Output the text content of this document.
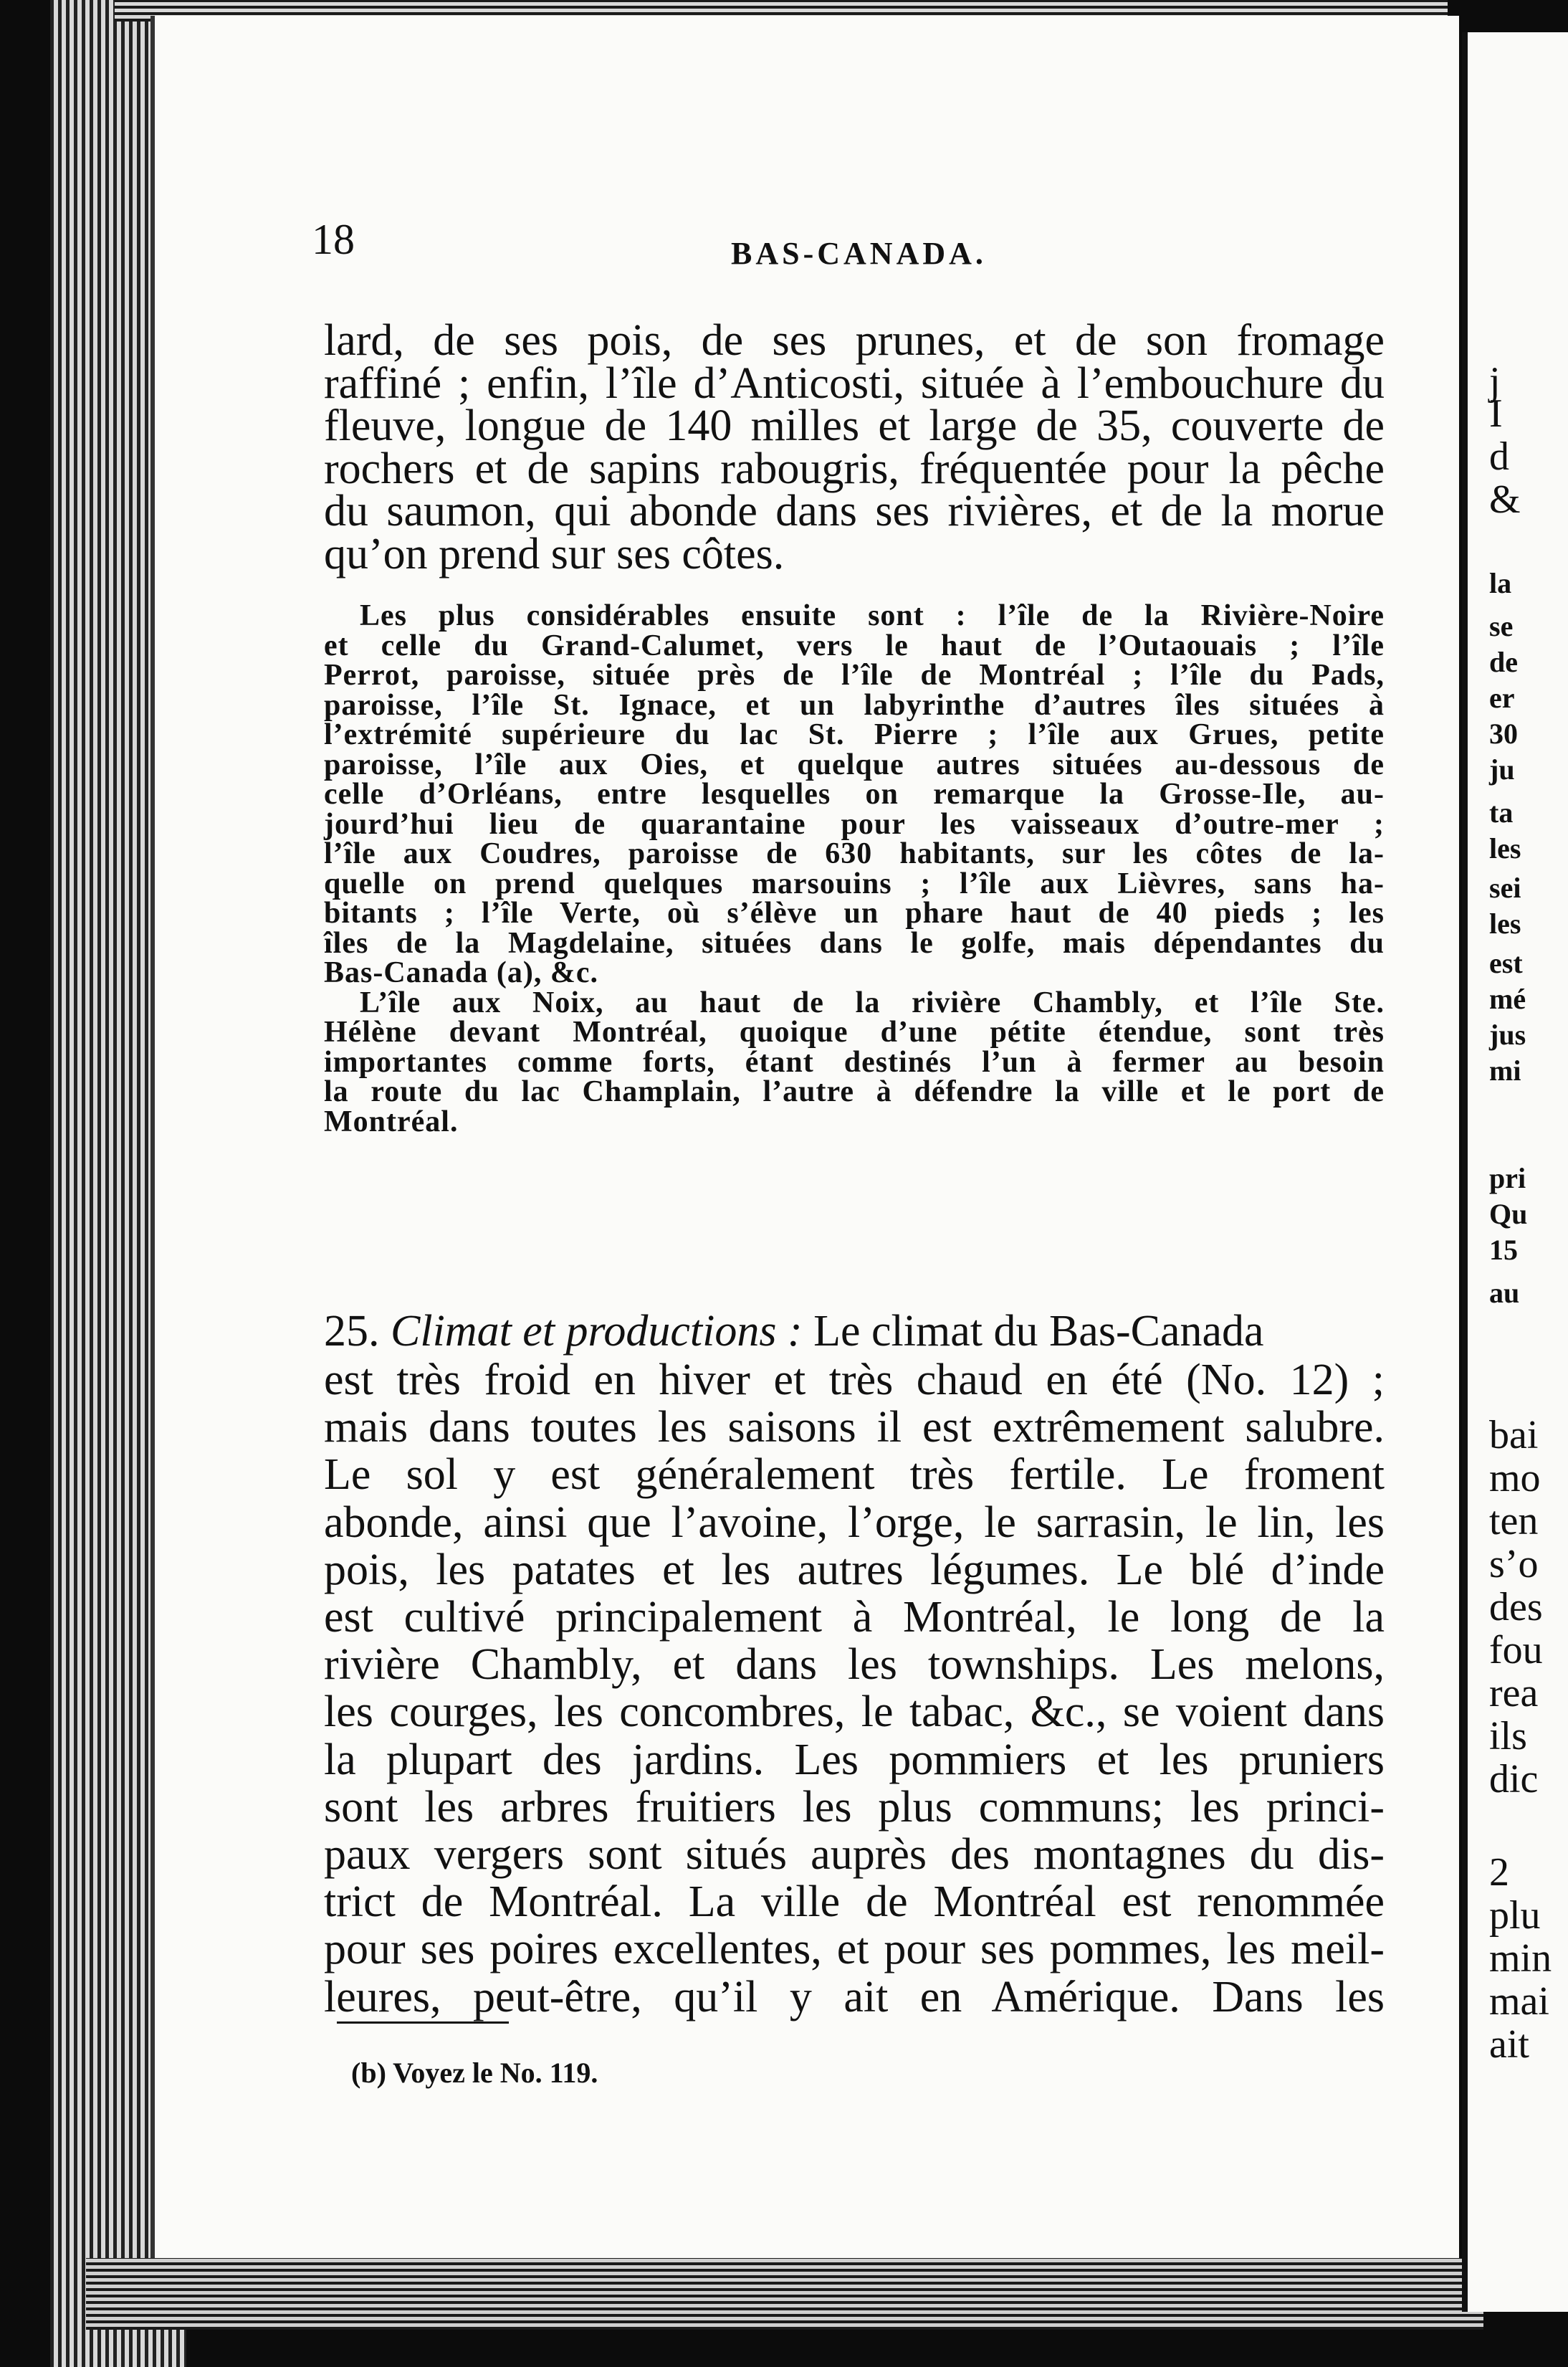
18	BAS-CANADA.
lard, de ses pois, de ses prunes, et de son fromage
raffiné ; enfin, l’île d’Anticosti, située à l’embouchure du
fleuve, longue de 140 milles et large de 35, couverte de
rochers et de sapins rabougris, fréquentée pour la pêche
du saumon, qui abonde dans ses rivières, et de la morue
qu’on prend sur ses côtes.
Les plus considérables ensuite sont : l’île de la Rivière-Noire
et celle du Grand-Calumet, vers le haut de l’Outaouais ; l’île
Perrot, paroisse, située près de l’île de Montréal ; l’île du Pads,
paroisse, l’île St. Ignace, et un labyrinthe d’autres îles situées à
l’extrémité supérieure du lac St. Pierre ; l’île aux Grues, petite
paroisse, l’île aux Oies, et quelque autres situées au-dessous de
celle d’Orléans, entre lesquelles on remarque la Grosse-Ile, au-
jourd’hui lieu de quarantaine pour les vaisseaux d’outre-mer ;
l’île aux Coudres, paroisse de 630 habitants, sur les côtes de la-
quelle on prend quelques marsouins ; l’île aux Lièvres, sans ha-
bitants ; l’île Verte, où s’élève un phare haut de 40 pieds ; les
îles de la Magdelaine, situées dans le golfe, mais dépendantes du
Bas-Canada (a), &c.
L’île aux Noix, au haut de la rivière Chambly, et l’île Ste.
Hélène devant Montréal, quoique d’une pétite étendue, sont très
importantes comme forts, étant destinés l’un à fermer au besoin
la route du lac Champlain, l’autre à défendre la ville et le port de
Montréal.
25. Climat et productions : Le climat du Bas-Canada
est très froid en hiver et très chaud en été (No. 12) ;
mais dans toutes les saisons il est extrêmement salubre.
Le sol y est généralement très fertile. Le froment
abonde, ainsi que l’avoine, l’orge, le sarrasin, le lin, les
pois, les patates et les autres légumes. Le blé d’inde
est cultivé principalement à Montréal, le long de la
rivière Chambly, et dans les townships. Les melons,
les courges, les concombres, le tabac, &c., se voient dans
la plupart des jardins. Les pommiers et les pruniers
sont les arbres fruitiers les plus communs; les princi-
paux vergers sont situés auprès des montagnes du dis-
trict de Montréal. La ville de Montréal est renommée
pour ses poires excellentes, et pour ses pommes, les meil-
leures, peut-être, qu’il y ait en Amérique. Dans les
(b) Voyez le No. 119.
j
I
d
&
la
se
de
er
30
ju
ta
les
sei
les
est
mé
jus
mi
pri
Qu
15
au
bai
mo
ten
s’o
des
fou
rea
ils
dic
2
plu
min
mai
ait
